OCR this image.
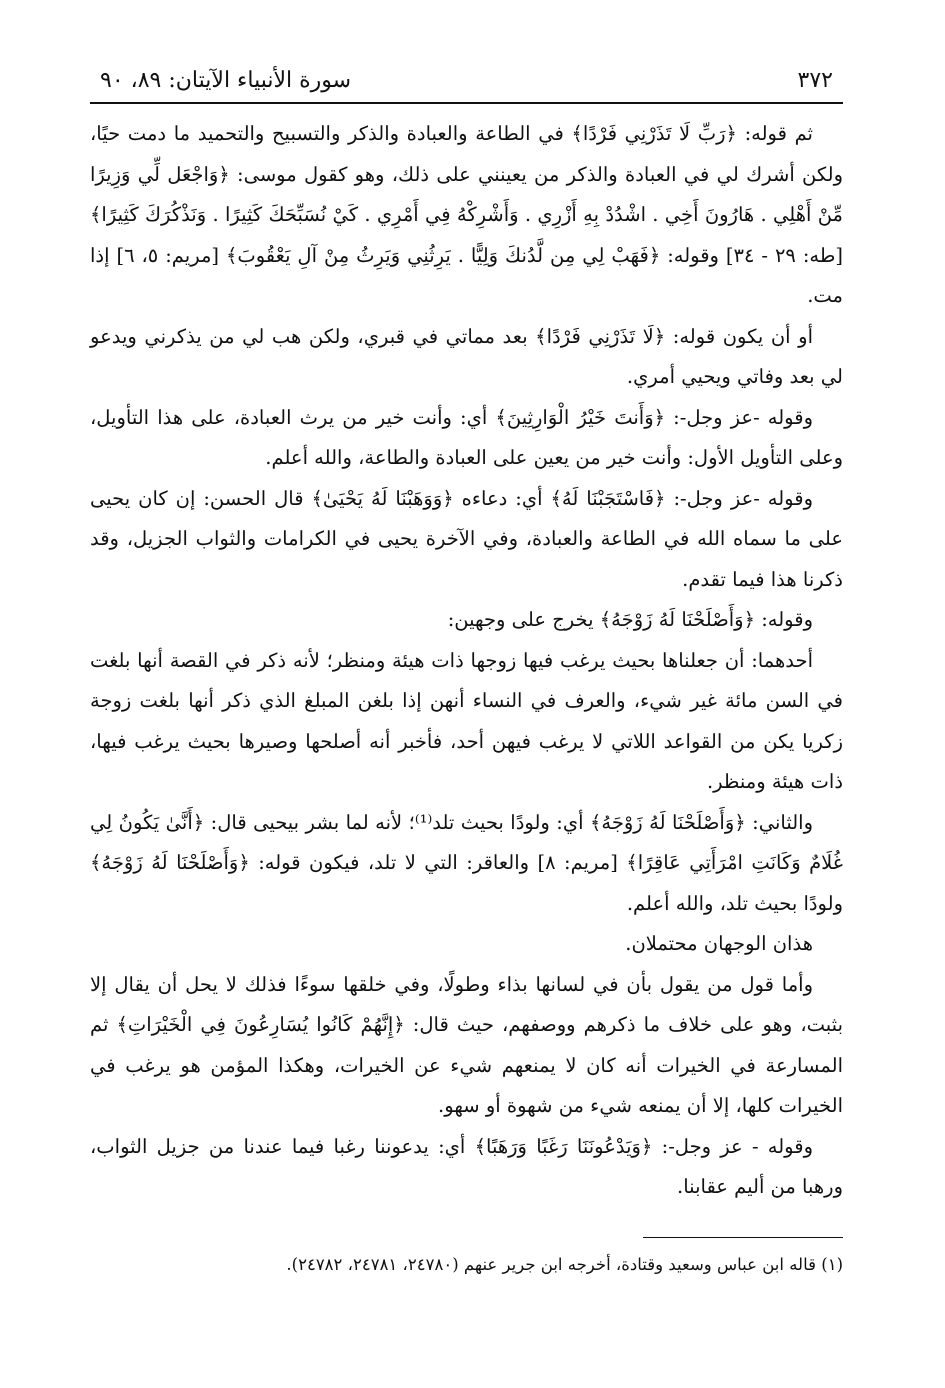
٣٧٢
سورة الأنبياء الآيتان: ٨٩، ٩٠

ثم قوله: ﴿رَبِّ لَا تَذَرْنِي فَرْدًا﴾ في الطاعة والعبادة والذكر والتسبيح والتحميد ما دمت حيًا، ولكن أشرك لي في العبادة والذكر من يعينني على ذلك، وهو كقول موسى: ﴿وَاجْعَل لِّي وَزِيرًا مِّنْ أَهْلِي . هَارُونَ أَخِي . اشْدُدْ بِهِ أَزْرِي . وَأَشْرِكْهُ فِي أَمْرِي . كَيْ نُسَبِّحَكَ كَثِيرًا . وَنَذْكُرَكَ كَثِيرًا﴾ [طه: ٢٩ - ٣٤] وقوله: ﴿فَهَبْ لِي مِن لَّدُنكَ وَلِيًّا . يَرِثُنِي وَيَرِثُ مِنْ آلِ يَعْقُوبَ﴾ [مريم: ٥، ٦] إذا مت.

أو أن يكون قوله: ﴿لَا تَذَرْنِي فَرْدًا﴾ بعد مماتي في قبري، ولكن هب لي من يذكرني ويدعو لي بعد وفاتي ويحيي أمري.

وقوله -عز وجل-: ﴿وَأَنتَ خَيْرُ الْوَارِثِينَ﴾ أي: وأنت خير من يرث العبادة، على هذا التأويل، وعلى التأويل الأول: وأنت خير من يعين على العبادة والطاعة، والله أعلم.

وقوله -عز وجل-: ﴿فَاسْتَجَبْنَا لَهُ﴾ أي: دعاءه ﴿وَوَهَبْنَا لَهُ يَحْيَىٰ﴾ قال الحسن: إن كان يحيى على ما سماه الله في الطاعة والعبادة، وفي الآخرة يحيى في الكرامات والثواب الجزيل، وقد ذكرنا هذا فيما تقدم.

وقوله: ﴿وَأَصْلَحْنَا لَهُ زَوْجَهُ﴾ يخرج على وجهين:

أحدهما: أن جعلناها بحيث يرغب فيها زوجها ذات هيئة ومنظر؛ لأنه ذكر في القصة أنها بلغت في السن مائة غير شيء، والعرف في النساء أنهن إذا بلغن المبلغ الذي ذكر أنها بلغت زوجة زكريا يكن من القواعد اللاتي لا يرغب فيهن أحد، فأخبر أنه أصلحها وصيرها بحيث يرغب فيها، ذات هيئة ومنظر.

والثاني: ﴿وَأَصْلَحْنَا لَهُ زَوْجَهُ﴾ أي: ولودًا بحيث تلد⁽¹⁾؛ لأنه لما بشر بيحيى قال: ﴿أَنَّىٰ يَكُونُ لِي غُلَامٌ وَكَانَتِ امْرَأَتِي عَاقِرًا﴾ [مريم: ٨] والعاقر: التي لا تلد، فيكون قوله: ﴿وَأَصْلَحْنَا لَهُ زَوْجَهُ﴾ ولودًا بحيث تلد، والله أعلم.

هذان الوجهان محتملان.

وأما قول من يقول بأن في لسانها بذاء وطولًا، وفي خلقها سوءًا فذلك لا يحل أن يقال إلا بثبت، وهو على خلاف ما ذكرهم ووصفهم، حيث قال: ﴿إِنَّهُمْ كَانُوا يُسَارِعُونَ فِي الْخَيْرَاتِ﴾ ثم المسارعة في الخيرات أنه كان لا يمنعهم شيء عن الخيرات، وهكذا المؤمن هو يرغب في الخيرات كلها، إلا أن يمنعه شيء من شهوة أو سهو.

وقوله - عز وجل-: ﴿وَيَدْعُونَنَا رَغَبًا وَرَهَبًا﴾ أي: يدعوننا رغبا فيما عندنا من جزيل الثواب، ورهبا من أليم عقابنا.

(١) قاله ابن عباس وسعيد وقتادة، أخرجه ابن جرير عنهم (٢٤٧٨٠، ٢٤٧٨١، ٢٤٧٨٢).
